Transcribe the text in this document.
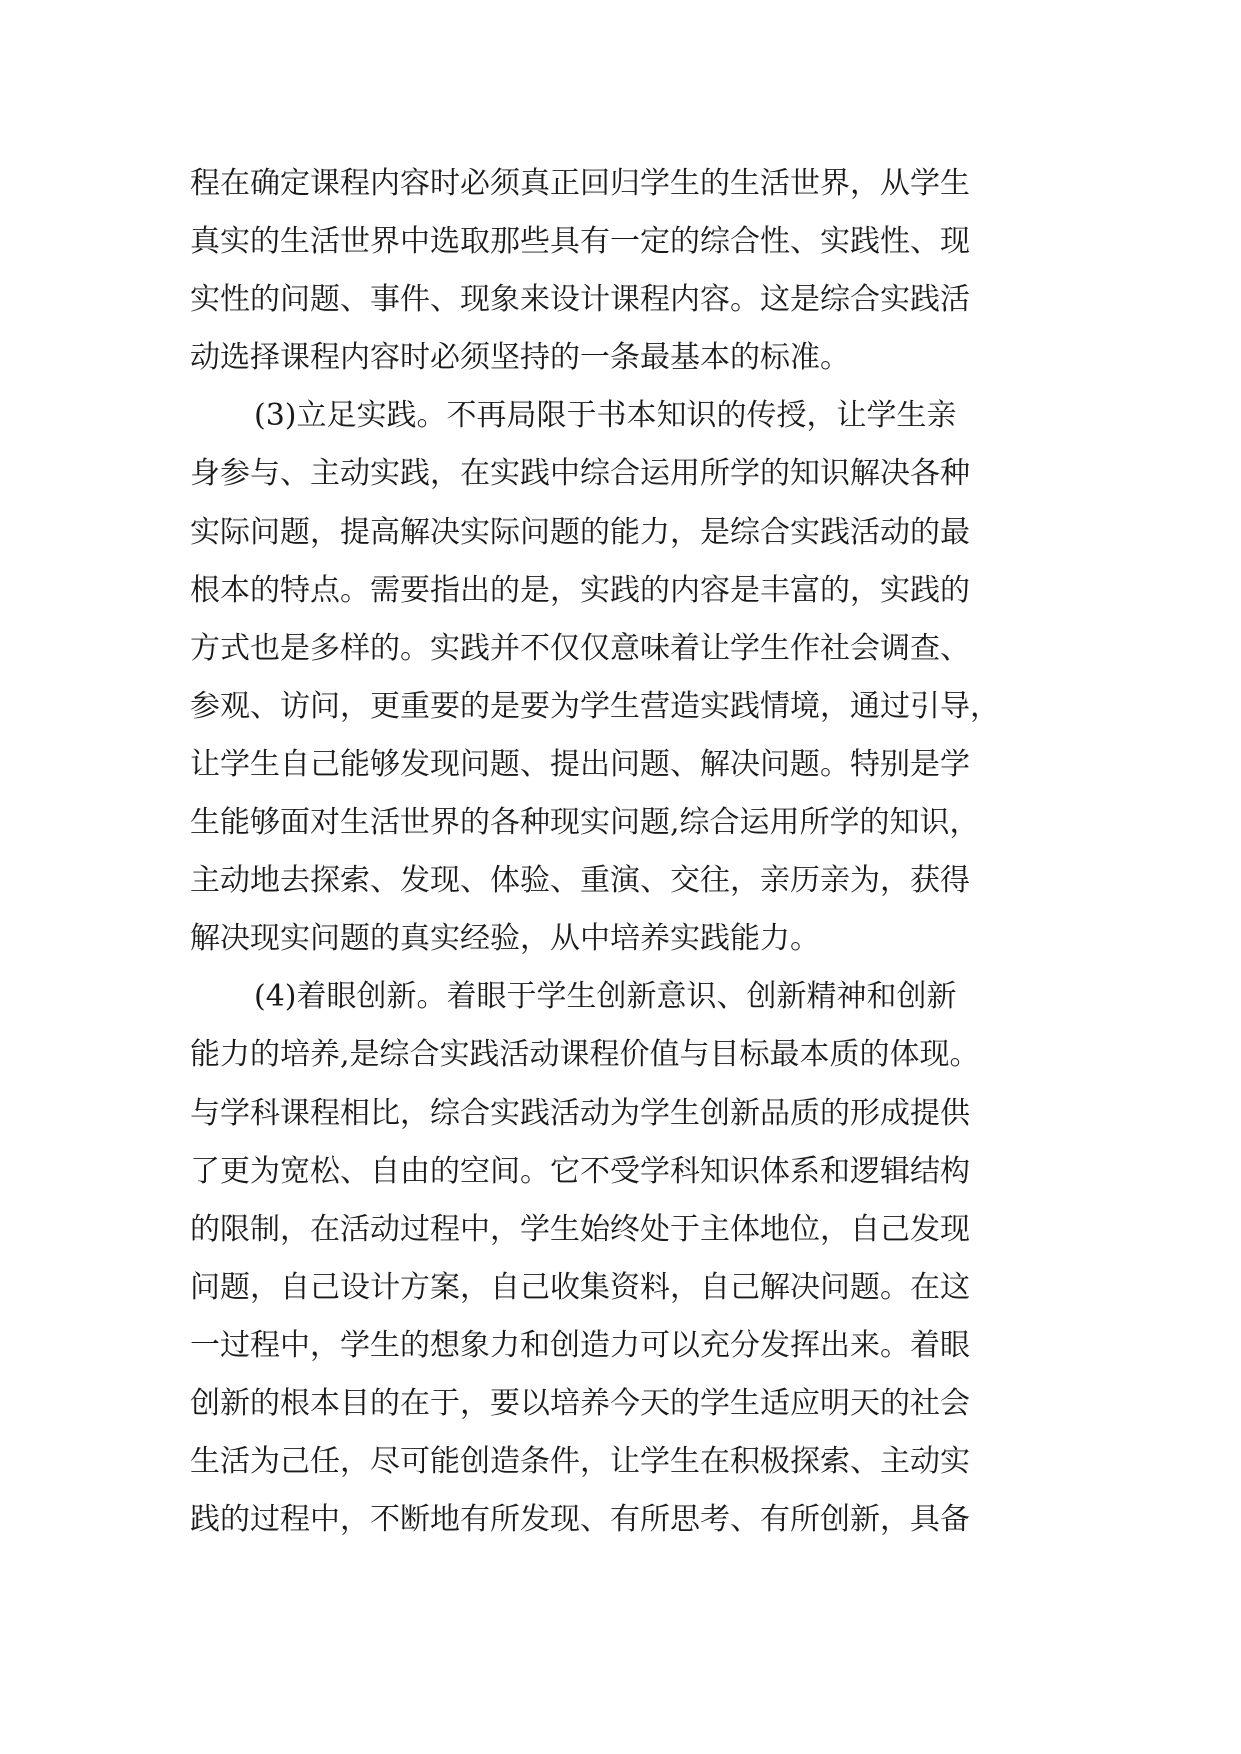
程在确定课程内容时必须真正回归学生的生活世界，从学生
真实的生活世界中选取那些具有一定的综合性、实践性、现
实性的问题、事件、现象来设计课程内容。这是综合实践活
动选择课程内容时必须坚持的一条最基本的标准。
(3)立足实践。不再局限于书本知识的传授，让学生亲
身参与、主动实践，在实践中综合运用所学的知识解决各种
实际问题，提高解决实际问题的能力，是综合实践活动的最
根本的特点。需要指出的是，实践的内容是丰富的，实践的
方式也是多样的。实践并不仅仅意味着让学生作社会调查、
参观、访问，更重要的是要为学生营造实践情境，通过引导，
让学生自己能够发现问题、提出问题、解决问题。特别是学
生能够面对生活世界的各种现实问题,综合运用所学的知识，
主动地去探索、发现、体验、重演、交往，亲历亲为，获得
解决现实问题的真实经验，从中培养实践能力。
(4)着眼创新。着眼于学生创新意识、创新精神和创新
能力的培养,是综合实践活动课程价值与目标最本质的体现。
与学科课程相比，综合实践活动为学生创新品质的形成提供
了更为宽松、自由的空间。它不受学科知识体系和逻辑结构
的限制，在活动过程中，学生始终处于主体地位，自己发现
问题，自己设计方案，自己收集资料，自己解决问题。在这
一过程中，学生的想象力和创造力可以充分发挥出来。着眼
创新的根本目的在于，要以培养今天的学生适应明天的社会
生活为己任，尽可能创造条件，让学生在积极探索、主动实
践的过程中，不断地有所发现、有所思考、有所创新，具备
